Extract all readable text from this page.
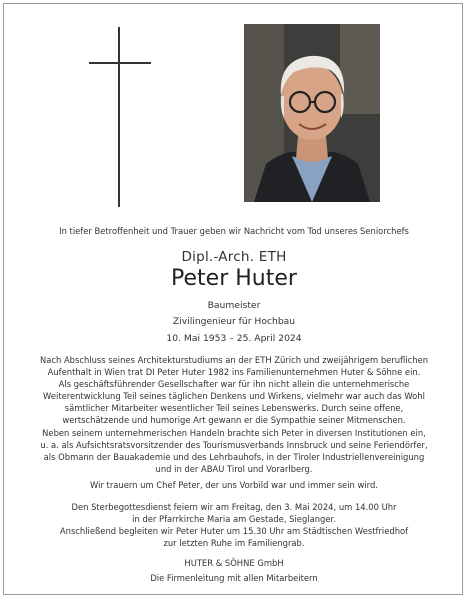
In tiefer Betroffenheit und Trauer geben wir Nachricht vom Tod unseres Seniorchefs
Dipl.-Arch. ETH
Peter Huter
Baumeister
Zivilingenieur für Hochbau
10. Mai 1953 – 25. April 2024
Nach Abschluss seines Architekturstudiums an der ETH Zürich und zweijährigem beruflichen
Aufenthalt in Wien trat DI Peter Huter 1982 ins Familienunternehmen Huter & Söhne ein.
Als geschäftsführender Gesellschafter war für ihn nicht allein die unternehmerische
Weiterentwicklung Teil seines täglichen Denkens und Wirkens, vielmehr war auch das Wohl
sämtlicher Mitarbeiter wesentlicher Teil seines Lebenswerks. Durch seine offene,
wertschätzende und humorige Art gewann er die Sympathie seiner Mitmenschen.
Neben seinem unternehmerischen Handeln brachte sich Peter in diversen Institutionen ein,
u. a. als Aufsichtsratsvorsitzender des Tourismusverbands Innsbruck und seine Feriendörfer,
als Obmann der Bauakademie und des Lehrbauhofs, in der Tiroler Industriellenvereinigung
und in der ABAU Tirol und Vorarlberg.
Wir trauern um Chef Peter, der uns Vorbild war und immer sein wird.
Den Sterbegottesdienst feiern wir am Freitag, den 3. Mai 2024, um 14.00 Uhr
in der Pfarrkirche Maria am Gestade, Sieglanger.
Anschließend begleiten wir Peter Huter um 15.30 Uhr am Städtischen Westfriedhof
zur letzten Ruhe im Familiengrab.
HUTER & SÖHNE GmbH
Die Firmenleitung mit allen Mitarbeitern
